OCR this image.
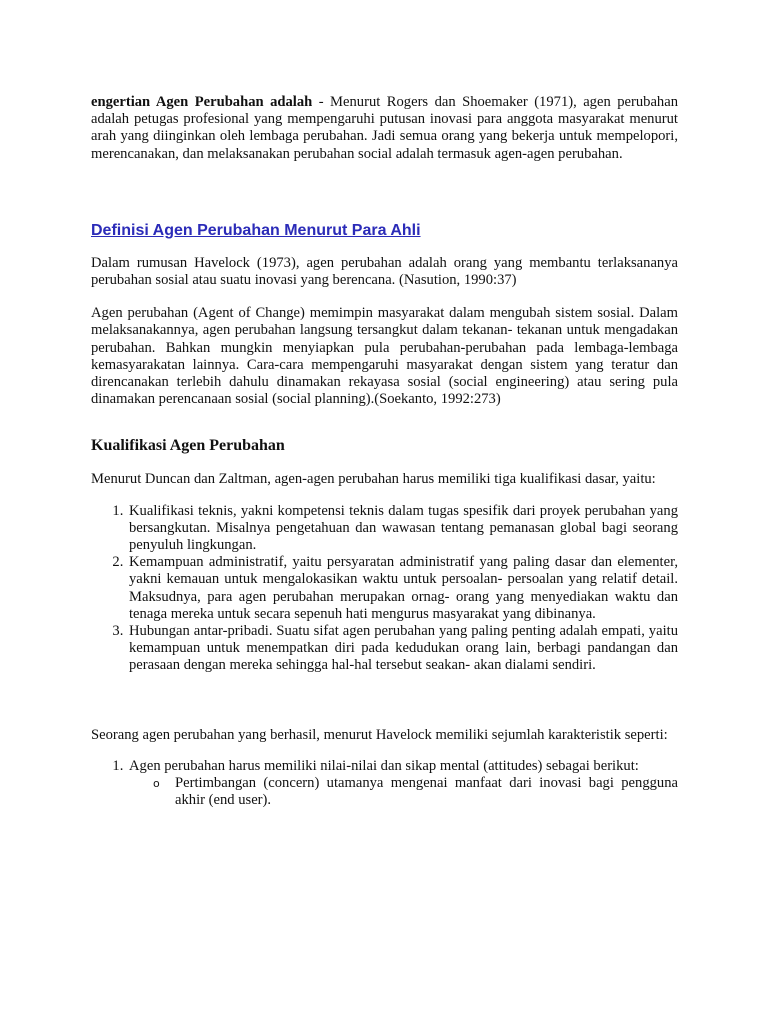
engertian Agen Perubahan adalah - Menurut Rogers dan Shoemaker (1971), agen perubahan adalah petugas profesional yang mempengaruhi putusan inovasi para anggota masyarakat menurut arah yang diinginkan oleh lembaga perubahan. Jadi semua orang yang bekerja untuk mempelopori, merencanakan, dan melaksanakan perubahan social adalah termasuk agen-agen perubahan.

Definisi Agen Perubahan Menurut Para Ahli

Dalam rumusan Havelock (1973), agen perubahan adalah orang yang membantu terlaksananya perubahan sosial atau suatu inovasi yang berencana. (Nasution, 1990:37)

Agen perubahan (Agent of Change) memimpin masyarakat dalam mengubah sistem sosial. Dalam melaksanakannya, agen perubahan langsung tersangkut dalam tekanan- tekanan untuk mengadakan perubahan. Bahkan mungkin menyiapkan pula perubahan-perubahan pada lembaga-lembaga kemasyarakatan lainnya. Cara-cara mempengaruhi masyarakat dengan sistem yang teratur dan direncanakan terlebih dahulu dinamakan rekayasa sosial (social engineering) atau sering pula dinamakan perencanaan sosial (social planning).(Soekanto, 1992:273)

Kualifikasi Agen Perubahan

Menurut Duncan dan Zaltman, agen-agen perubahan harus memiliki tiga kualifikasi dasar, yaitu:

1. Kualifikasi teknis, yakni kompetensi teknis dalam tugas spesifik dari proyek perubahan yang bersangkutan. Misalnya pengetahuan dan wawasan tentang pemanasan global bagi seorang penyuluh lingkungan.
2. Kemampuan administratif, yaitu persyaratan administratif yang paling dasar dan elementer, yakni kemauan untuk mengalokasikan waktu untuk persoalan- persoalan yang relatif detail. Maksudnya, para agen perubahan merupakan ornag- orang yang menyediakan waktu dan tenaga mereka untuk secara sepenuh hati mengurus masyarakat yang dibinanya.
3. Hubungan antar-pribadi. Suatu sifat agen perubahan yang paling penting adalah empati, yaitu kemampuan untuk menempatkan diri pada kedudukan orang lain, berbagi pandangan dan perasaan dengan mereka sehingga hal-hal tersebut seakan- akan dialami sendiri.

Seorang agen perubahan yang berhasil, menurut Havelock memiliki sejumlah karakteristik seperti:

1. Agen perubahan harus memiliki nilai-nilai dan sikap mental (attitudes) sebagai berikut:
o Pertimbangan (concern) utamanya mengenai manfaat dari inovasi bagi pengguna akhir (end user).
